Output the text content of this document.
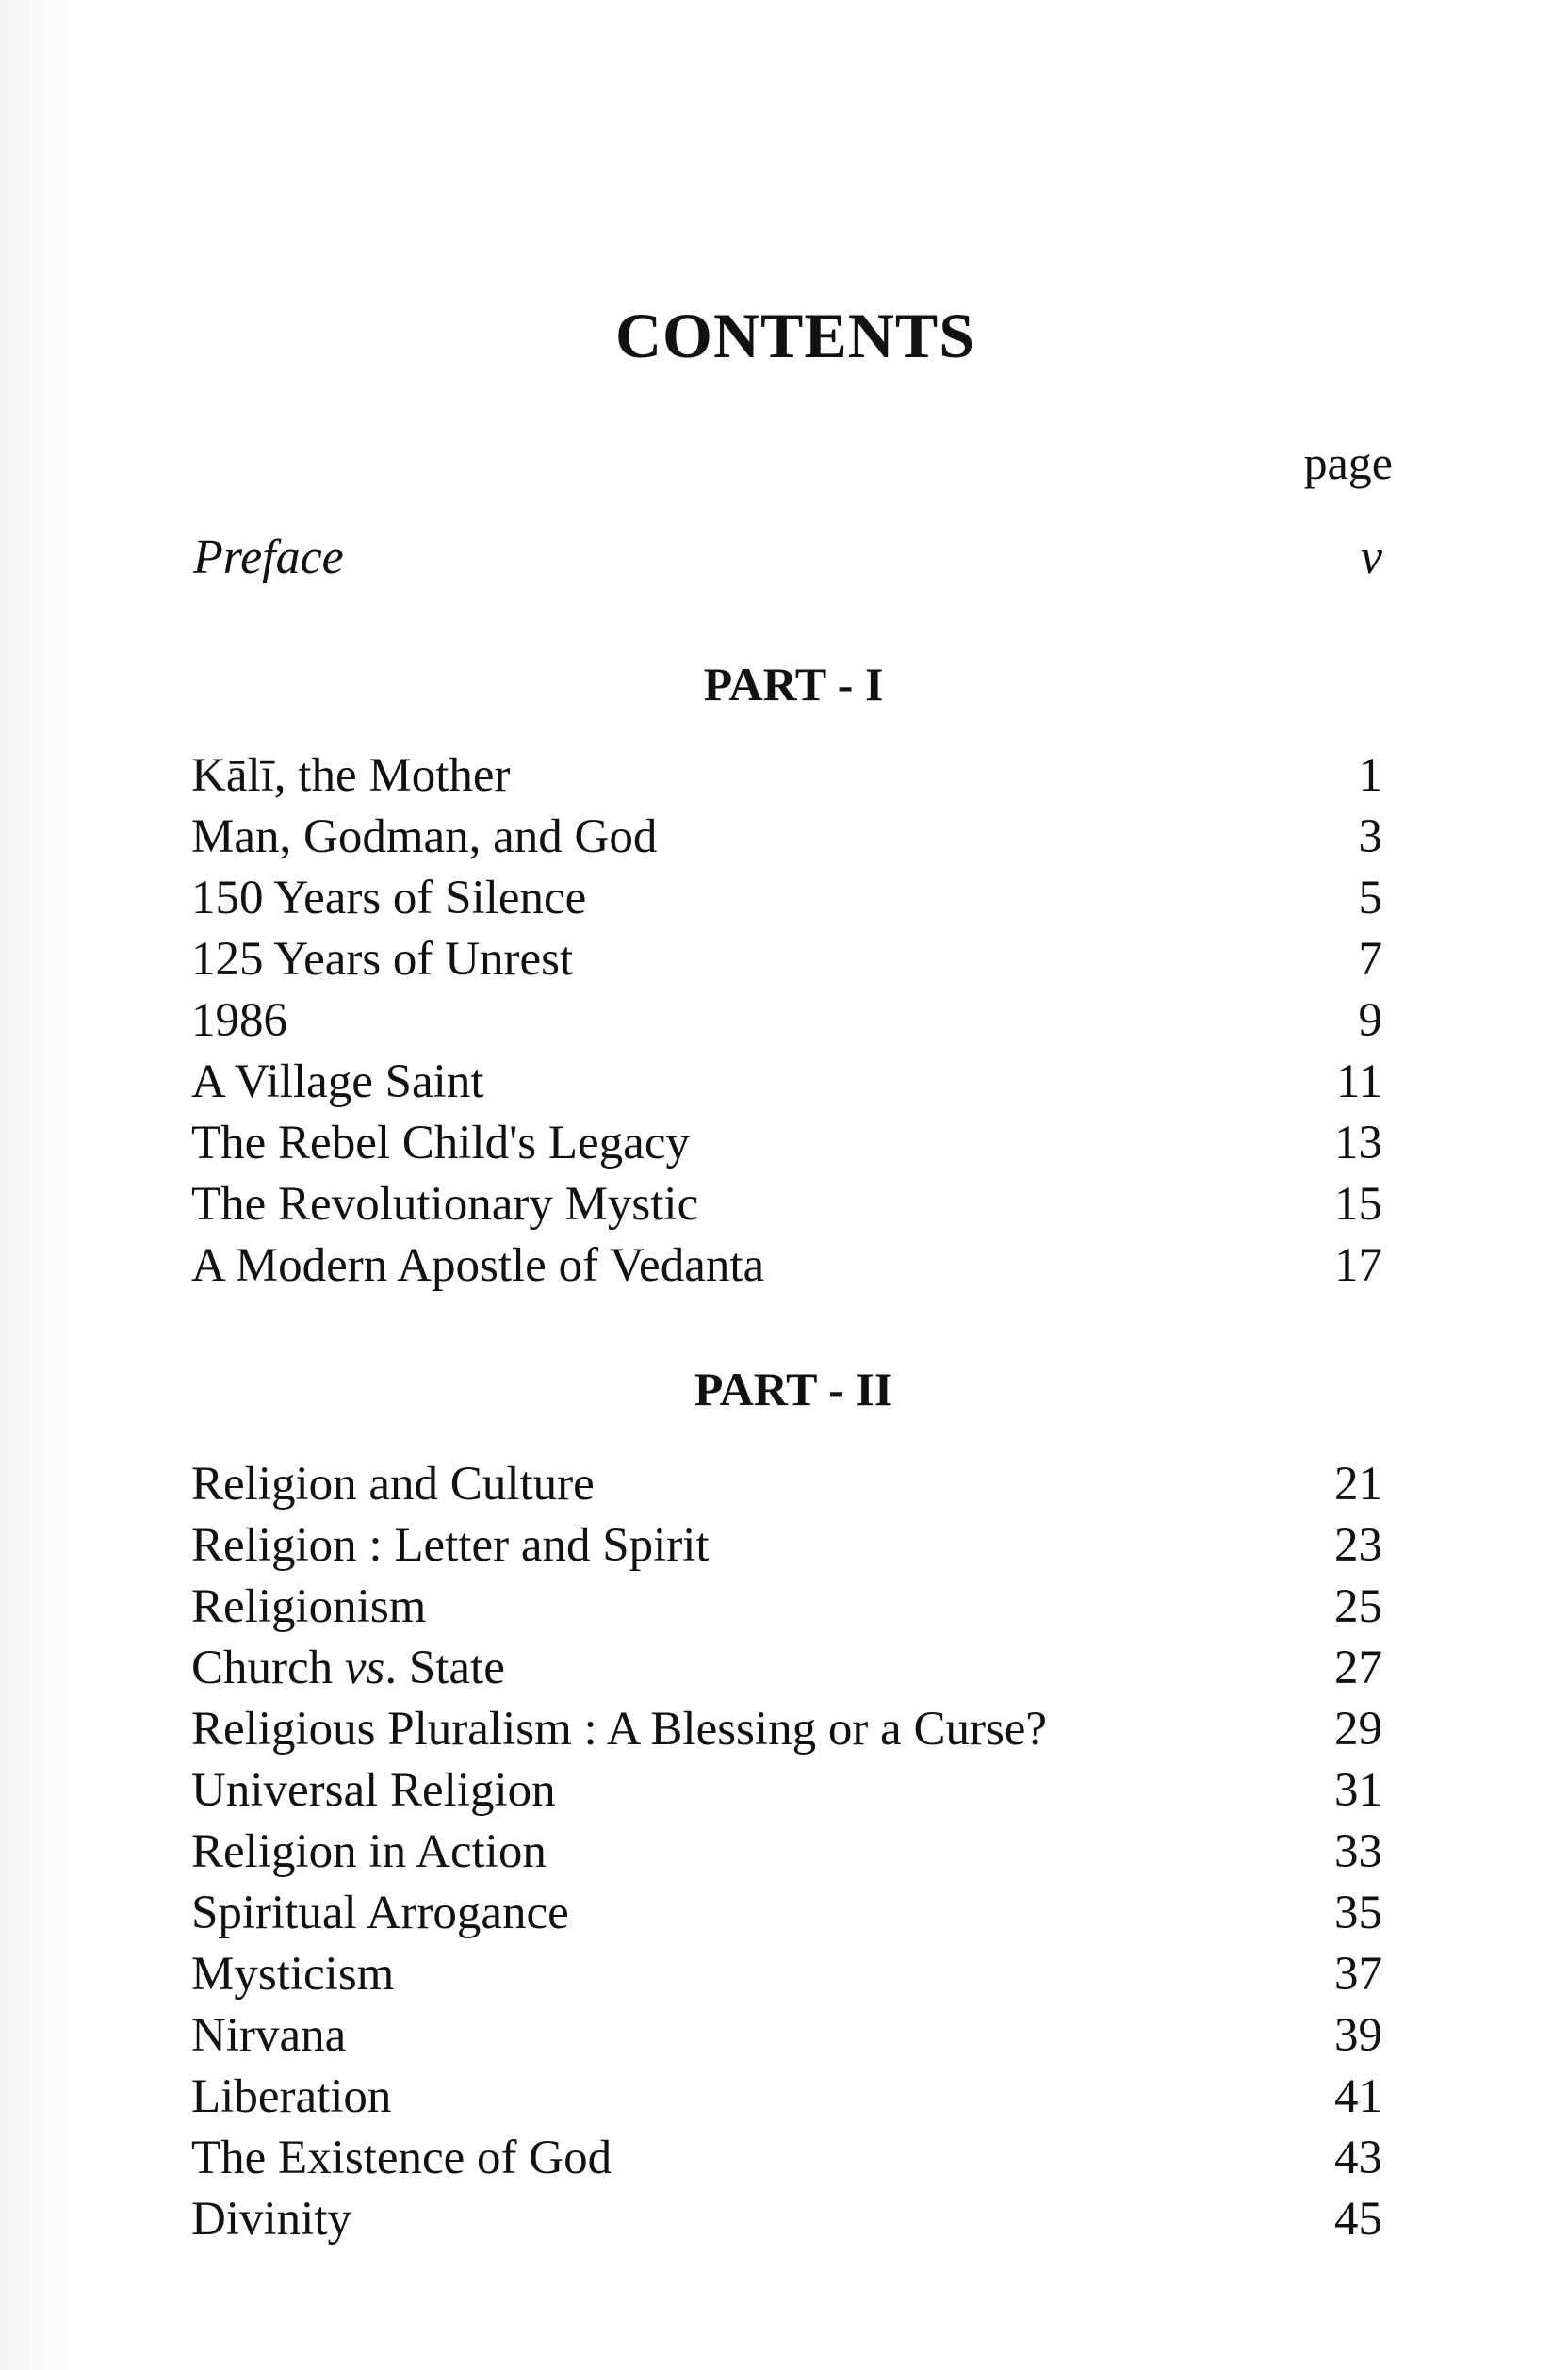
CONTENTS
page
Preface	v
PART - I
Kālī, the Mother	1
Man, Godman, and God	3
150 Years of Silence	5
125 Years of Unrest	7
1986	9
A Village Saint	11
The Rebel Child's Legacy	13
The Revolutionary Mystic	15
A Modern Apostle of Vedanta	17
PART - II
Religion and Culture	21
Religion : Letter and Spirit	23
Religionism	25
Church vs. State	27
Religious Pluralism : A Blessing or a Curse?	29
Universal Religion	31
Religion in Action	33
Spiritual Arrogance	35
Mysticism	37
Nirvana	39
Liberation	41
The Existence of God	43
Divinity	45
